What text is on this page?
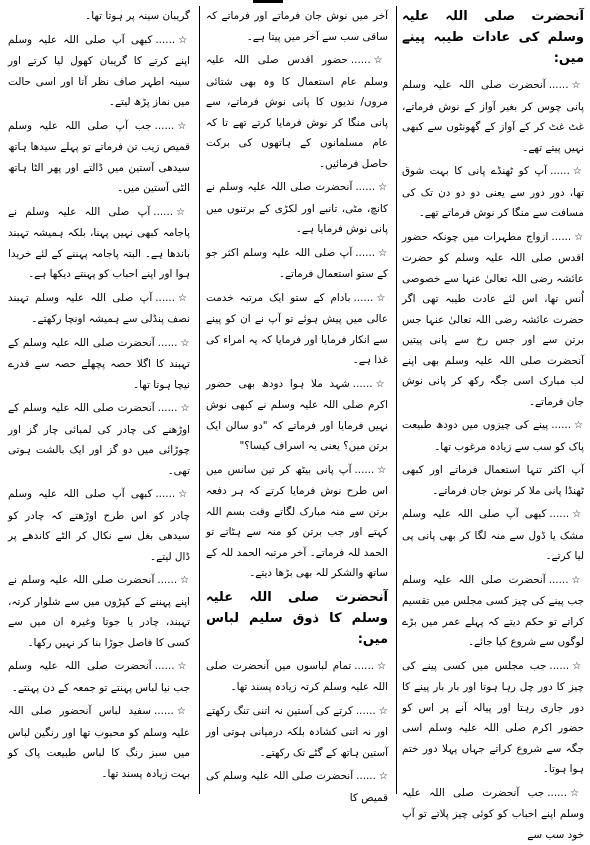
آنحضرت صلی اللہ علیہ وسلم کی عادات طیبہ پینے میں:
☆......آنحضرت صلی اللہ علیہ وسلم پانی چوس کر بغیر آواز کے نوش فرماتے، غٹ غٹ کر کے آواز کے گھونٹوں سے کبھی نہیں پیتے تھے۔
☆......آپ کو ٹھنڈے پانی کا بہت شوق تھا، دور دور سے یعنی دو دو دن تک کی مسافت سے منگا کر نوش فرماتے تھے۔
☆......ازواج مطہرات میں چونکہ حضور اقدس صلی اللہ علیہ وسلم کو حضرت عائشہ رضی اللہ تعالیٰ عنہا سے خصوصی اُنس تھا، اس لئے عادت طیبہ تھی اگر حضرت عائشہ رضی اللہ تعالیٰ عنہا جس برتن سے اور جس رخ سے پانی پیتیں آنحضرت صلی اللہ علیہ وسلم بھی اپنے لب مبارک اسی جگہ رکھ کر پانی نوش جان فرماتے۔
☆......پینے کی چیزوں میں دودھ طبیعت پاک کو سب سے زیادہ مرغوب تھا۔
آپ اکثر تنہا استعمال فرماتے اور کبھی ٹھنڈا پانی ملا کر نوش جان فرماتے۔
☆......کبھی آپ صلی اللہ علیہ وسلم مشک یا ڈول سے منہ لگا کر بھی پانی پی لیا کرتے۔
☆......آنحضرت صلی اللہ علیہ وسلم جب پینے کی چیز کسی مجلس میں تقسیم کراتے تو حکم دیتے کہ پہلے عمر میں بڑے لوگوں سے شروع کیا جائے۔
☆......جب مجلس میں کسی پینے کی چیز کا دور چل رہا ہوتا اور بار بار پینے کا دور جاری رہتا اور پیالہ آنے پر اس کو حضور اکرم صلی اللہ علیہ وسلم اسی جگہ سے شروع کراتے جہاں پہلا دور ختم ہوا ہوتا۔
☆......جب آنحضرت صلی اللہ علیہ وسلم اپنے احباب کو کوئی چیز پلاتے تو آپ خود سب سے
آخر میں نوش جان فرماتے اور فرماتے کہ ساقی سب سے آخر میں پیتا ہے۔
☆......حضور اقدس صلی اللہ علیہ وسلم عام استعمال کا وہ بھی شتائی مروں/ ندیوں کا پانی نوش فرماتے، سے پانی منگا کر نوش فرمایا کرتے تھے تا کہ عام مسلمانوں کے ہاتھوں کی برکت حاصل فرمائیں۔
☆......آنحضرت صلی اللہ علیہ وسلم نے کانچ، مٹی، تانبے اور لکڑی کے برتنوں میں پانی نوش فرمایا ہے۔
☆......آپ صلی اللہ علیہ وسلم اکثر جو کے ستو استعمال فرماتے۔
☆......بادام کے ستو ایک مرتبہ خدمت عالی میں پیش ہوئے تو آپ نے ان کو پینے سے انکار فرمایا اور فرمایا کہ یہ امراء کی غذا ہے۔
☆......شہد ملا ہوا دودھ بھی حضور اکرم صلی اللہ علیہ وسلم نے کبھی نوش نہیں فرمایا اور فرماتے کہ "دو سالن ایک برتن میں؟ یعنی یہ اسراف کیسا؟"
☆......آپ پانی بیٹھ کر تین سانس میں اس طرح نوش فرمایا کرتے کہ ہر دفعہ برتن سے منہ مبارک لگاتے وقت بسم اللہ کہتے اور جب برتن کو منہ سے ہٹاتے تو الحمد للہ فرماتے۔ آخر مرتبہ الحمد للہ کے ساتھ والشکر للہ بھی بڑھا دیتے۔
آنحضرت صلی اللہ علیہ وسلم کا ذوق سلیم لباس میں:
☆......تمام لباسوں میں آنحضرت صلی اللہ علیہ وسلم کرتہ زیادہ پسند تھا۔
☆......کرتے کی آستین نہ اتنی تنگ رکھتے اور نہ اتنی کشادہ بلکہ درمیانی ہوتی اور آستین ہاتھ کے گٹے تک رکھتے۔
☆......آنحضرت صلی اللہ علیہ وسلم کی قمیص کا
گریبان سینہ پر ہوتا تھا۔
☆......کبھی آپ صلی اللہ علیہ وسلم اپنے کرتے کا گریبان کھول لیا کرتے اور سینہ اطہر صاف نظر آتا اور اسی حالت میں نماز پڑھ لیتے۔
☆......جب آپ صلی اللہ علیہ وسلم قمیص زیب تن فرماتے تو پہلے سیدھا ہاتھ سیدھی آستین میں ڈالتے اور پھر الٹا ہاتھ الٹی آستین میں۔
☆......آپ صلی اللہ علیہ وسلم نے پاجامہ کبھی نہیں پہنا، بلکہ ہمیشہ تہبند باندھا ہے۔ البتہ پاجامہ پہننے کے لئے خریدا ہوا اور اپنے احباب کو پہنتے دیکھا ہے۔
☆......آپ صلی اللہ علیہ وسلم تہبند نصف پنڈلی سے ہمیشہ اونچا رکھتے۔
☆......آنحضرت صلی اللہ علیہ وسلم کے تہبند کا اگلا حصہ پچھلے حصہ سے قدرے نیچا ہوتا تھا۔
☆......آنحضرت صلی اللہ علیہ وسلم کے اوڑھنے کی چادر کی لمبائی چار گز اور چوڑائی میں دو گز اور ایک بالشت ہوتی تھی۔
☆......کبھی آپ صلی اللہ علیہ وسلم چادر کو اس طرح اوڑھتے کہ چادر کو سیدھی بغل سے نکال کر الٹے کاندھے پر ڈال لیتے۔
☆......آنحضرت صلی اللہ علیہ وسلم نے اپنے پہننے کے کپڑوں میں سے شلوار کرتہ، تہبند، چادر یا جوتا وغیرہ ان میں سے کسی کا فاصل جوڑا بنا کر نہیں رکھا۔
☆......آنحضرت صلی اللہ علیہ وسلم جب نیا لباس پہنتے تو جمعہ کے دن پہنتے۔
☆......سفید لباس آنحضور صلی اللہ علیہ وسلم کو محبوب تھا اور رنگین لباس میں سبز رنگ کا لباس طبیعت پاک کو بہت زیادہ پسند تھا۔
